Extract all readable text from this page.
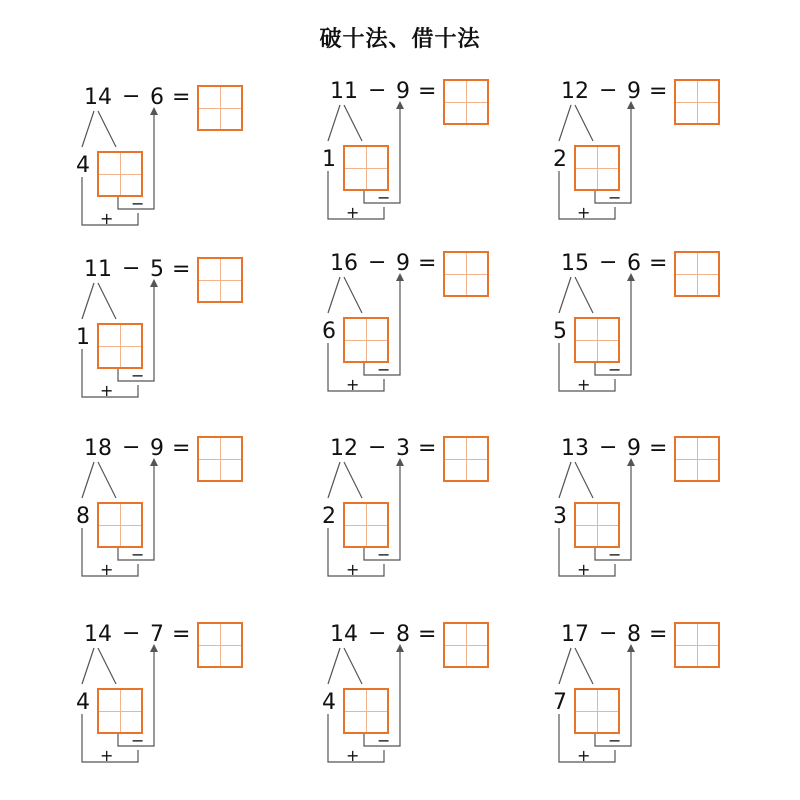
破十法、借十法
14 − 6 =
4
−
+
11 − 9 =
1
−
+
12 − 9 =
2
−
+
11 − 5 =
1
−
+
16 − 9 =
6
−
+
15 − 6 =
5
−
+
18 − 9 =
8
−
+
12 − 3 =
2
−
+
13 − 9 =
3
−
+
14 − 7 =
4
−
+
14 − 8 =
4
−
+
17 − 8 =
7
−
+
